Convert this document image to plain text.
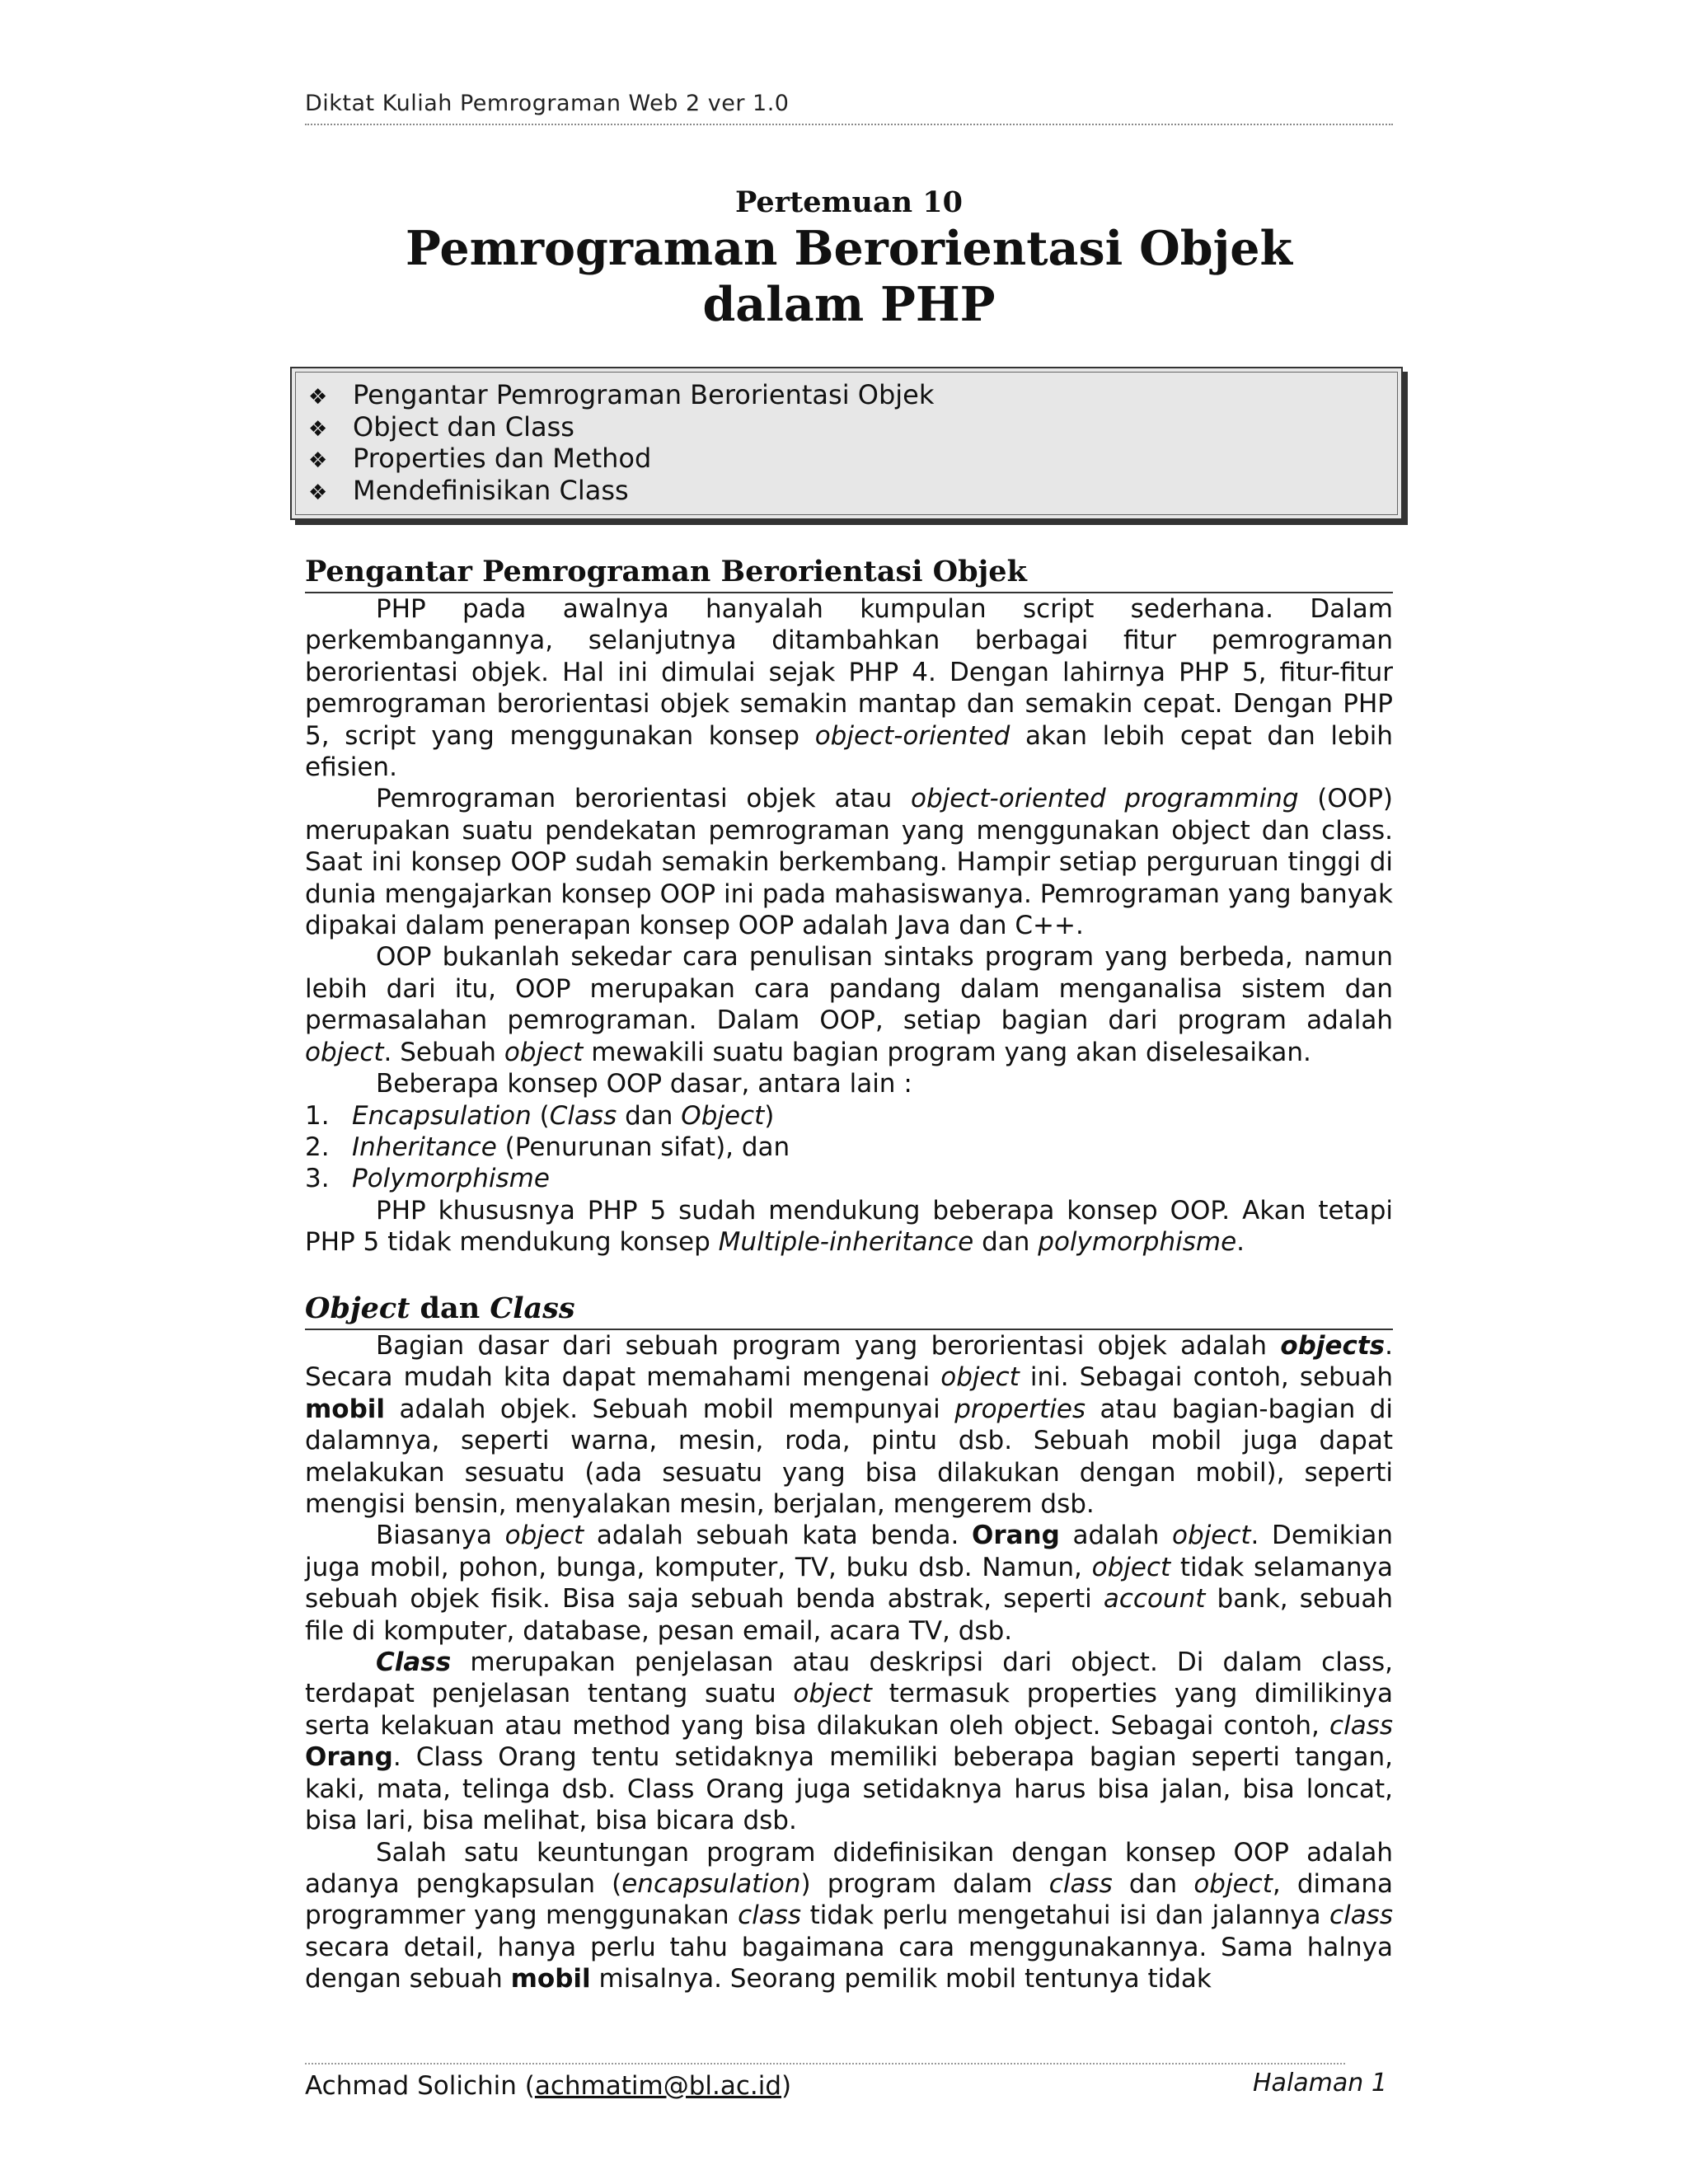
Diktat Kuliah Pemrograman Web 2 ver 1.0
Pertemuan 10
Pemrograman Berorientasi Objek
dalam PHP
❖ Pengantar Pemrograman Berorientasi Objek
❖ Object dan Class
❖ Properties dan Method
❖ Mendefinisikan Class
Pengantar Pemrograman Berorientasi Objek

PHP pada awalnya hanyalah kumpulan script sederhana. Dalam perkembangannya, selanjutnya ditambahkan berbagai fitur pemrograman berorientasi objek. Hal ini dimulai sejak PHP 4. Dengan lahirnya PHP 5, fitur-fitur pemrograman berorientasi objek semakin mantap dan semakin cepat. Dengan PHP 5, script yang menggunakan konsep object-oriented akan lebih cepat dan lebih efisien.

Pemrograman berorientasi objek atau object-oriented programming (OOP) merupakan suatu pendekatan pemrograman yang menggunakan object dan class. Saat ini konsep OOP sudah semakin berkembang. Hampir setiap perguruan tinggi di dunia mengajarkan konsep OOP ini pada mahasiswanya. Pemrograman yang banyak dipakai dalam penerapan konsep OOP adalah Java dan C++.

OOP bukanlah sekedar cara penulisan sintaks program yang berbeda, namun lebih dari itu, OOP merupakan cara pandang dalam menganalisa sistem dan permasalahan pemrograman. Dalam OOP, setiap bagian dari program adalah object. Sebuah object mewakili suatu bagian program yang akan diselesaikan.

Beberapa konsep OOP dasar, antara lain :

1. Encapsulation (Class dan Object)
2. Inheritance (Penurunan sifat), dan
3. Polymorphisme

PHP khususnya PHP 5 sudah mendukung beberapa konsep OOP. Akan tetapi PHP 5 tidak mendukung konsep Multiple-inheritance dan polymorphisme.

Object dan Class

Bagian dasar dari sebuah program yang berorientasi objek adalah objects. Secara mudah kita dapat memahami mengenai object ini. Sebagai contoh, sebuah mobil adalah objek. Sebuah mobil mempunyai properties atau bagian-bagian di dalamnya, seperti warna, mesin, roda, pintu dsb. Sebuah mobil juga dapat melakukan sesuatu (ada sesuatu yang bisa dilakukan dengan mobil), seperti mengisi bensin, menyalakan mesin, berjalan, mengerem dsb.

Biasanya object adalah sebuah kata benda. Orang adalah object. Demikian juga mobil, pohon, bunga, komputer, TV, buku dsb. Namun, object tidak selamanya sebuah objek fisik. Bisa saja sebuah benda abstrak, seperti account bank, sebuah file di komputer, database, pesan email, acara TV, dsb.

Class merupakan penjelasan atau deskripsi dari object. Di dalam class, terdapat penjelasan tentang suatu object termasuk properties yang dimilikinya serta kelakuan atau method yang bisa dilakukan oleh object. Sebagai contoh, class Orang. Class Orang tentu setidaknya memiliki beberapa bagian seperti tangan, kaki, mata, telinga dsb. Class Orang juga setidaknya harus bisa jalan, bisa loncat, bisa lari, bisa melihat, bisa bicara dsb.

Salah satu keuntungan program didefinisikan dengan konsep OOP adalah adanya pengkapsulan (encapsulation) program dalam class dan object, dimana programmer yang menggunakan class tidak perlu mengetahui isi dan jalannya class secara detail, hanya perlu tahu bagaimana cara menggunakannya. Sama halnya dengan sebuah mobil misalnya. Seorang pemilik mobil tentunya tidak

Achmad Solichin (achmatim@bl.ac.id)	Halaman 1
